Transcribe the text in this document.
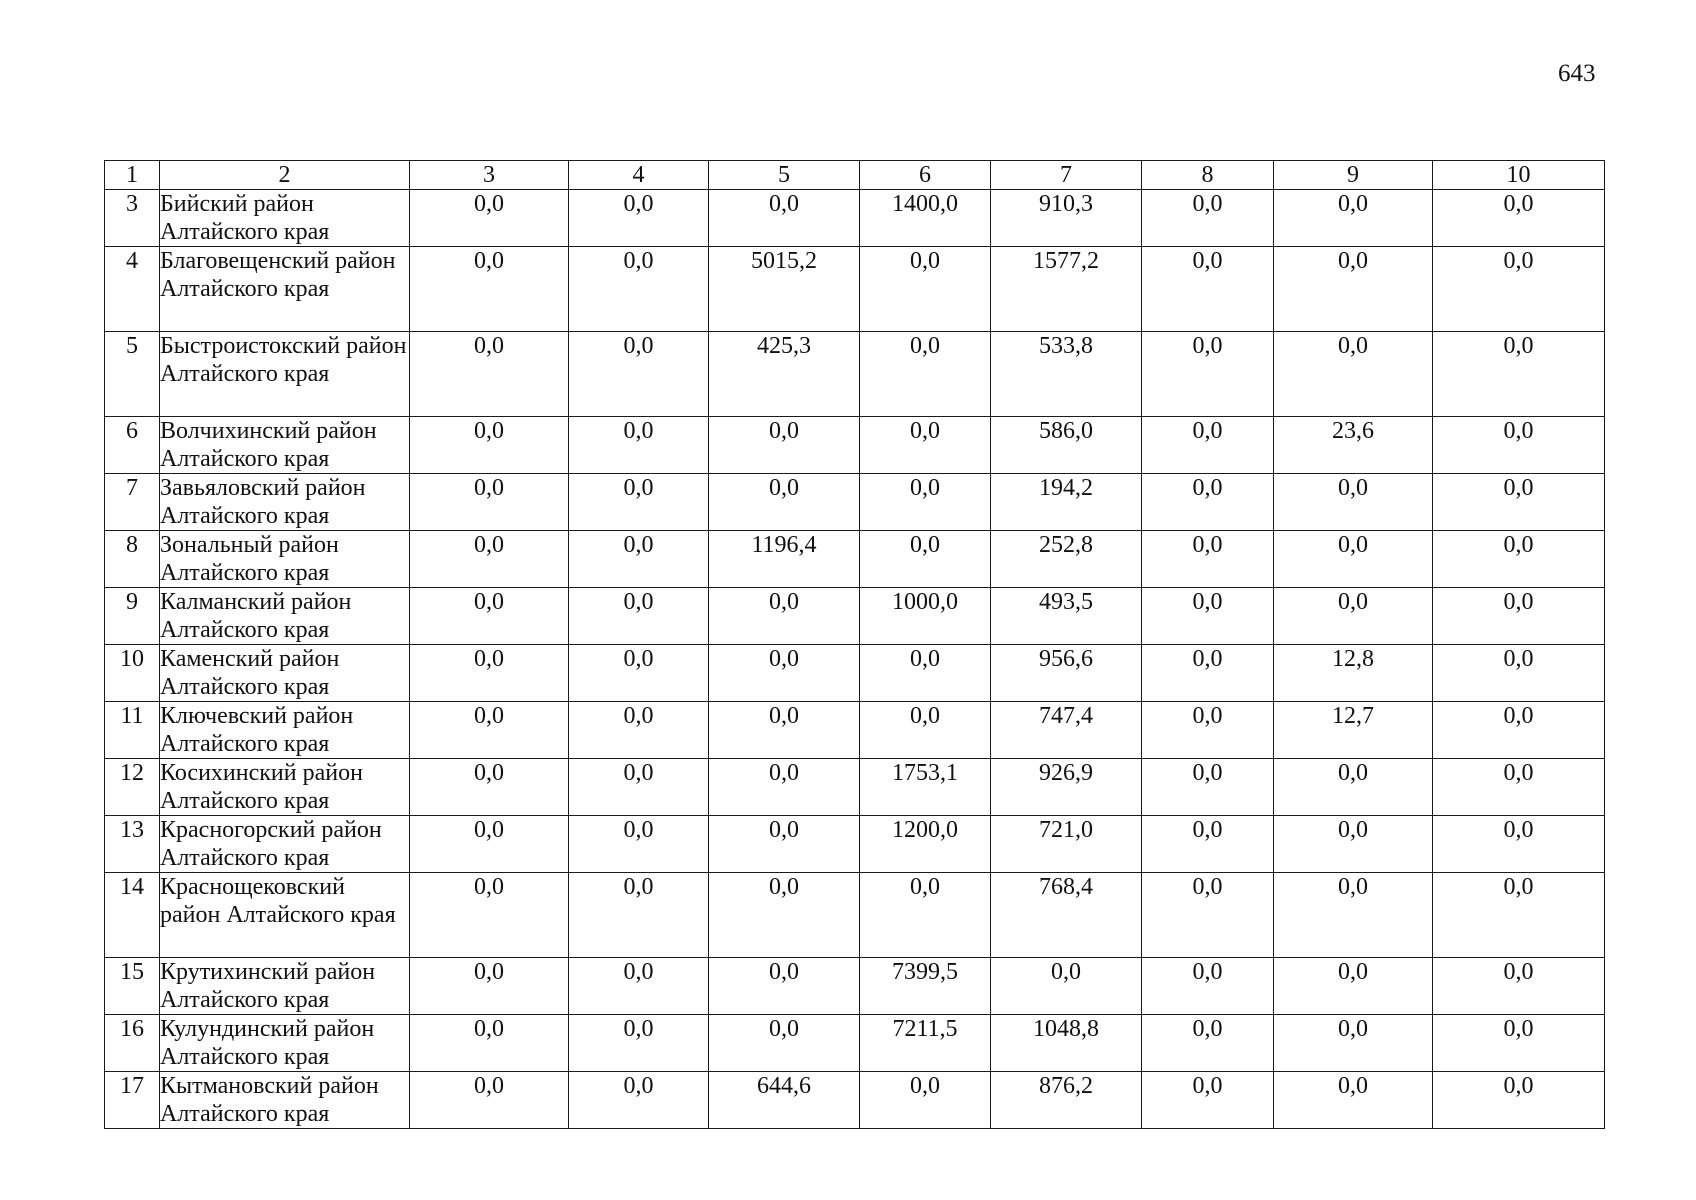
643
1	2	3	4	5	6	7	8	9	10
3	Бийский район Алтайского края	0,0	0,0	0,0	1400,0	910,3	0,0	0,0	0,0
4	Благовещенский район Алтайского края	0,0	0,0	5015,2	0,0	1577,2	0,0	0,0	0,0
5	Быстроистокский район Алтайского края	0,0	0,0	425,3	0,0	533,8	0,0	0,0	0,0
6	Волчихинский район Алтайского края	0,0	0,0	0,0	0,0	586,0	0,0	23,6	0,0
7	Завьяловский район Алтайского края	0,0	0,0	0,0	0,0	194,2	0,0	0,0	0,0
8	Зональный район Алтайского края	0,0	0,0	1196,4	0,0	252,8	0,0	0,0	0,0
9	Калманский район Алтайского края	0,0	0,0	0,0	1000,0	493,5	0,0	0,0	0,0
10	Каменский район Алтайского края	0,0	0,0	0,0	0,0	956,6	0,0	12,8	0,0
11	Ключевский район Алтайского края	0,0	0,0	0,0	0,0	747,4	0,0	12,7	0,0
12	Косихинский район Алтайского края	0,0	0,0	0,0	1753,1	926,9	0,0	0,0	0,0
13	Красногорский район Алтайского края	0,0	0,0	0,0	1200,0	721,0	0,0	0,0	0,0
14	Краснощековский район Алтайского края	0,0	0,0	0,0	0,0	768,4	0,0	0,0	0,0
15	Крутихинский район Алтайского края	0,0	0,0	0,0	7399,5	0,0	0,0	0,0	0,0
16	Кулундинский район Алтайского края	0,0	0,0	0,0	7211,5	1048,8	0,0	0,0	0,0
17	Кытмановский район Алтайского края	0,0	0,0	644,6	0,0	876,2	0,0	0,0	0,0
